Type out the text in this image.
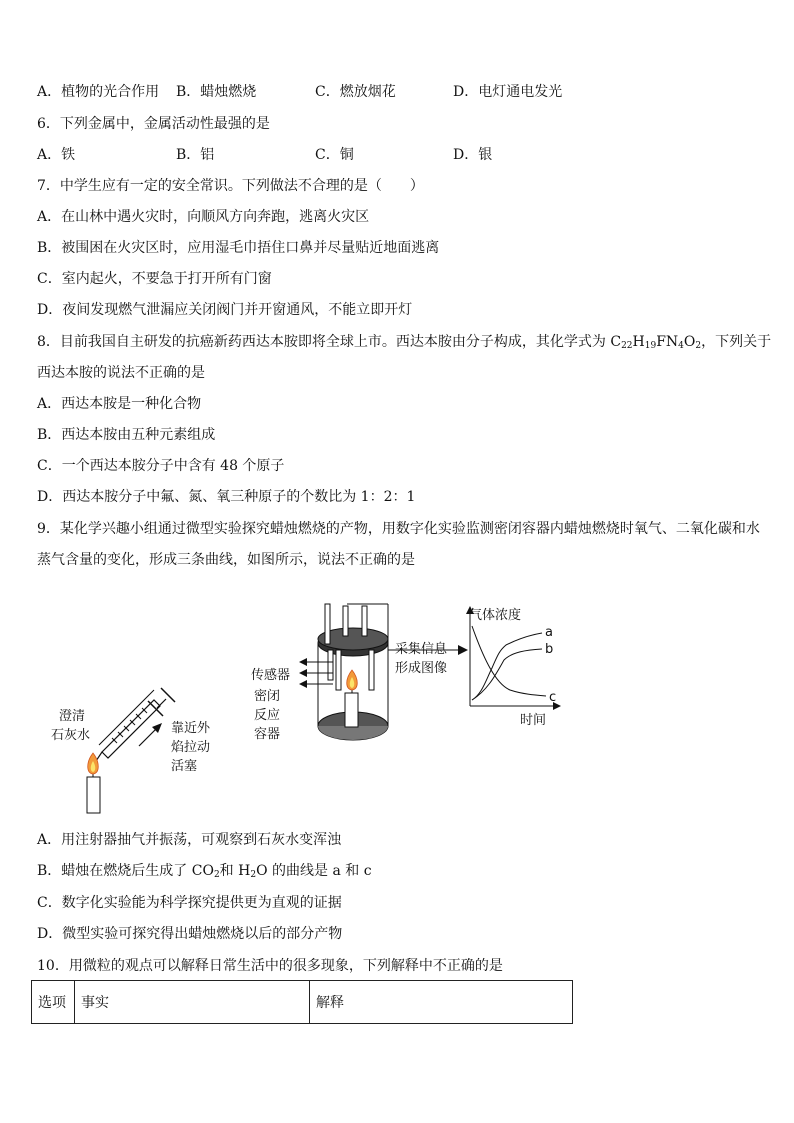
A．植物的光合作用 B．蜡烛燃烧	C．燃放烟花	D．电灯通电发光
6．下列金属中，金属活动性最强的是
A．铁	B．铝	C．铜	D．银
7．中学生应有一定的安全常识。下列做法不合理的是（　　）
A．在山林中遇火灾时，向顺风方向奔跑，逃离火灾区
B．被围困在火灾区时，应用湿毛巾捂住口鼻并尽量贴近地面逃离
C．室内起火，不要急于打开所有门窗
D．夜间发现燃气泄漏应关闭阀门并开窗通风，不能立即开灯
8．目前我国自主研发的抗癌新药西达本胺即将全球上市。西达本胺由分子构成，其化学式为 $C_{22}H_{19}FN_4O_2$，下列关于
西达本胺的说法不正确的是
A．西达本胺是一种化合物
B．西达本胺由五种元素组成
C．一个西达本胺分子中含有 48 个原子
D．西达本胺分子中氟、氮、氧三种原子的个数比为 1：2：1
9．某化学兴趣小组通过微型实验探究蜡烛燃烧的产物，用数字化实验监测密闭容器内蜡烛燃烧时氧气、二氧化碳和水
蒸气含量的变化，形成三条曲线，如图所示，说法不正确的是
澄清
石灰水	靠近外
焰拉动
活塞
传感器
密闭
反应
容器
采集信息
形成图像
气体浓度
时间
a
b
c
A．用注射器抽气并振荡，可观察到石灰水变浑浊
B．蜡烛在燃烧后生成了 $CO_2$和 $H_2O$ 的曲线是 a 和 c
C．数字化实验能为科学探究提供更为直观的证据
D．微型实验可探究得出蜡烛燃烧以后的部分产物
10．用微粒的观点可以解释日常生活中的很多现象，下列解释中不正确的是
选项	事实	解释
